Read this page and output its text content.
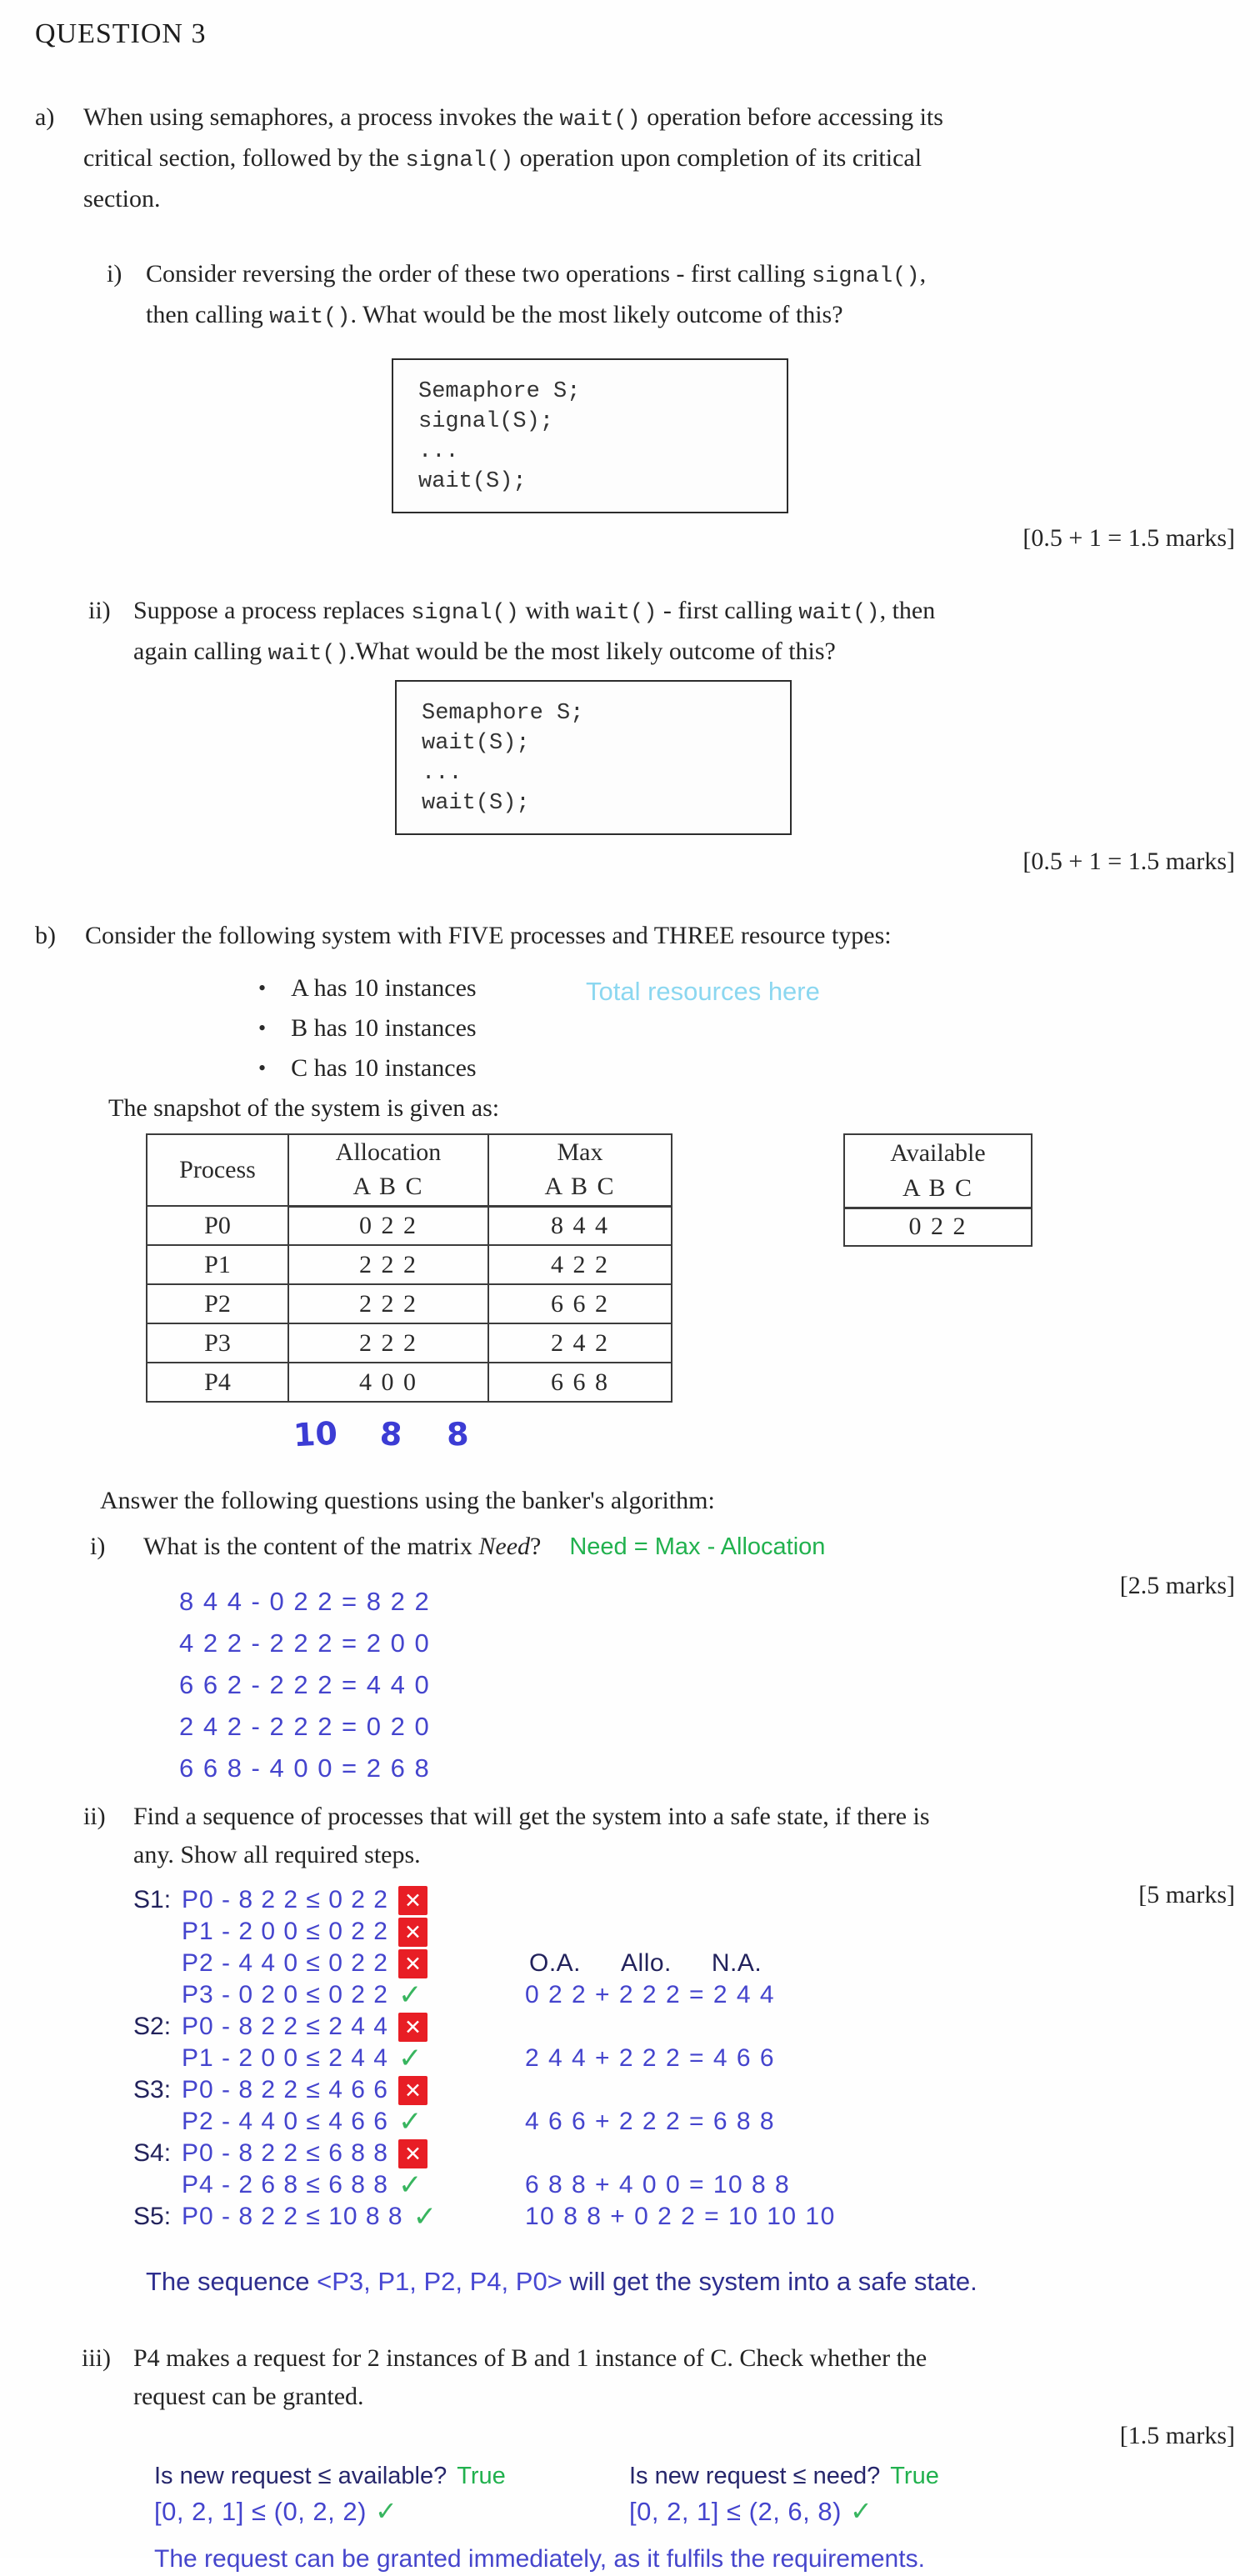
QUESTION 3
a)	When using semaphores, a process invokes the wait() operation before accessing its
critical section, followed by the signal() operation upon completion of its critical
section.
i) Consider reversing the order of these two operations - first calling signal(),
then calling wait(). What would be the most likely outcome of this?
Semaphore S;
signal(S);
...
wait(S);
[0.5 + 1 = 1.5 marks]
ii) Suppose a process replaces signal() with wait() - first calling wait(), then
again calling wait().What would be the most likely outcome of this?
Semaphore S;
wait(S);
...
wait(S);
[0.5 + 1 = 1.5 marks]
b)	Consider the following system with FIVE processes and THREE resource types:
• A has 10 instances
• B has 10 instances
• C has 10 instances
Total resources here
The snapshot of the system is given as:
Process	Allocation	Max
	A B C	A B C
P0	0 2 2	8 4 4
P1	2 2 2	4 2 2
P2	2 2 2	6 6 2
P3	2 2 2	2 4 2
P4	4 0 0	6 6 8
Available
A B C
0 2 2
10 8 8
Answer the following questions using the banker's algorithm:
i)	What is the content of the matrix Need? Need = Max - Allocation
[2.5 marks]
8 4 4 - 0 2 2 = 8 2 2
4 2 2 - 2 2 2 = 2 0 0
6 6 2 - 2 2 2 = 4 4 0
2 4 2 - 2 2 2 = 0 2 0
6 6 8 - 4 0 0 = 2 6 8
ii)	Find a sequence of processes that will get the system into a safe state, if there is
any. Show all required steps.
[5 marks]
S1: P0 - 8 2 2 ≤ 0 2 2 ✕
P1 - 2 0 0 ≤ 0 2 2 ✕
P2 - 4 4 0 ≤ 0 2 2 ✕	O.A. Allo. N.A.
P3 - 0 2 0 ≤ 0 2 2 ✓	0 2 2 + 2 2 2 = 2 4 4
S2: P0 - 8 2 2 ≤ 2 4 4 ✕
P1 - 2 0 0 ≤ 2 4 4 ✓	2 4 4 + 2 2 2 = 4 6 6
S3: P0 - 8 2 2 ≤ 4 6 6 ✕
P2 - 4 4 0 ≤ 4 6 6 ✓	4 6 6 + 2 2 2 = 6 8 8
S4: P0 - 8 2 2 ≤ 6 8 8 ✕
P4 - 2 6 8 ≤ 6 8 8 ✓	6 8 8 + 4 0 0 = 10 8 8
S5: P0 - 8 2 2 ≤ 10 8 8 ✓	10 8 8 + 0 2 2 = 10 10 10
The sequence <P3, P1, P2, P4, P0> will get the system into a safe state.
iii) P4 makes a request for 2 instances of B and 1 instance of C. Check whether the
request can be granted.
[1.5 marks]
Is new request ≤ available? True
[0, 2, 1] ≤ (0, 2, 2) ✓
Is new request ≤ need? True
[0, 2, 1] ≤ (2, 6, 8) ✓
The request can be granted immediately, as it fulfils the requirements.
